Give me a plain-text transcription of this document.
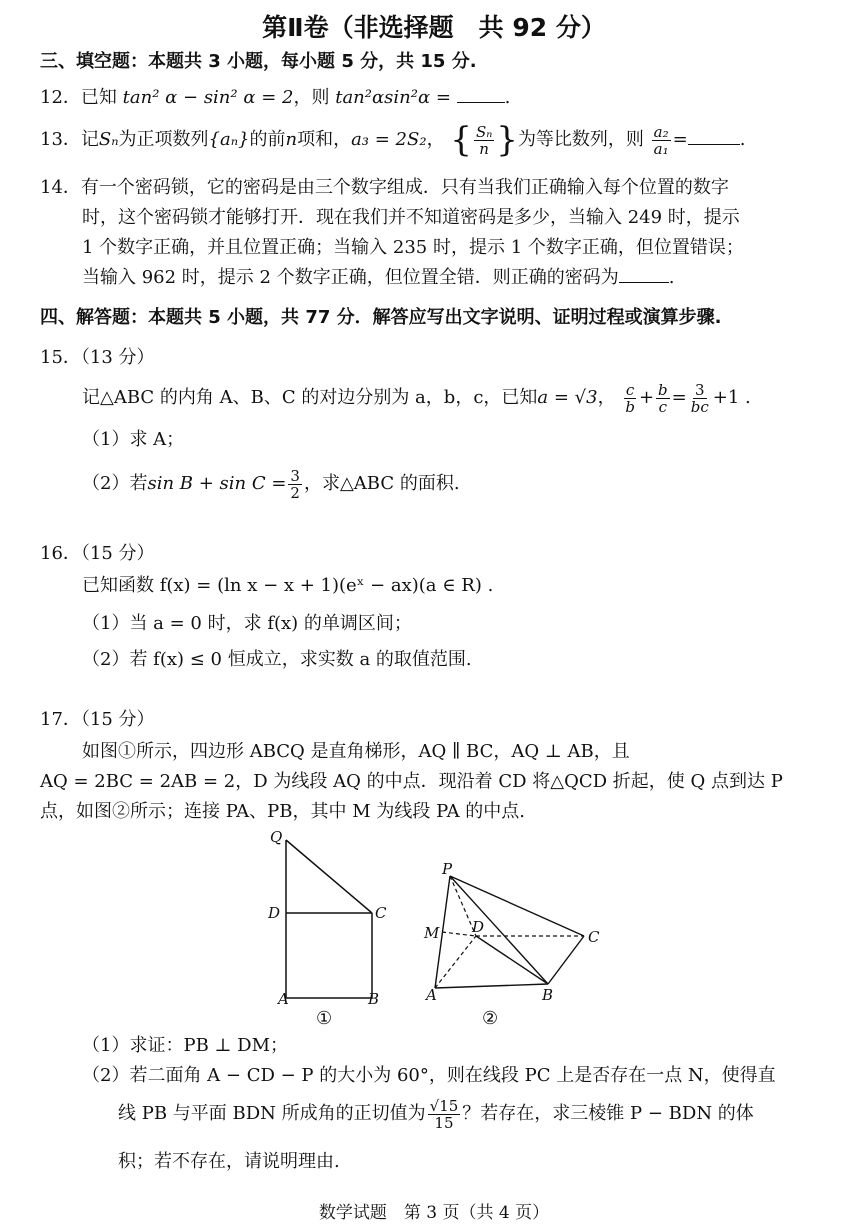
第Ⅱ卷（非选择题　共 92 分）
三、填空题：本题共 3 小题，每小题 5 分，共 15 分.
12．已知 tan² α − sin² α = 2，则 tan²αsin²α =	.
13．记Sₙ为正项数列{aₙ}的前n项和，a₃ = 2S₂， { $\frac{\text{Sₙ}}{n}$ }为等比数列，则 $\frac{\text{a₂}}{\text{a₁}}$ =	.
14．有一个密码锁，它的密码是由三个数字组成．只有当我们正确输入每个位置的数字
时，这个密码锁才能够打开．现在我们并不知道密码是多少，当输入 249 时，提示
1 个数字正确，并且位置正确；当输入 235 时，提示 1 个数字正确，但位置错误；
当输入 962 时，提示 2 个数字正确，但位置全错．则正确的密码为	.
四、解答题：本题共 5 小题，共 77 分．解答应写出文字说明、证明过程或演算步骤.
15．（13 分）
记△ABC 的内角 A、B、C 的对边分别为 a，b，c，已知a = √3， $\frac{c}{b} + \frac{b}{c} = \frac{3}{bc} +1$ .
（1）求 A；
（2）若$\sin B + \sin C = \frac{3}{2}$ ，求△ABC 的面积.
16．（15 分）
已知函数 f(x) = (ln x − x + 1)(eˣ − ax)(a ∈ R) .
（1）当 a = 0 时，求 f(x) 的单调区间；
（2）若 f(x) ≤ 0 恒成立，求实数 a 的取值范围.
17．（15 分）
如图①所示，四边形 ABCQ 是直角梯形，AQ ∥ BC，AQ ⊥ AB，且
AQ = 2BC = 2AB = 2，D 为线段 AQ 的中点．现沿着 CD 将△QCD 折起，使 Q 点到达 P
点，如图②所示；连接 PA、PB，其中 M 为线段 PA 的中点.
Q
D	C
A	B
①
P
M D
C
A	B
②
（1）求证：PB ⊥ DM；
（2）若二面角 A − CD − P 的大小为 60°，则在线段 PC 上是否存在一点 N，使得直
线 PB 与平面 BDN 所成角的正切值为 $\frac{√15}{15}$ ？若存在，求三棱锥 P − BDN 的体
积；若不存在，请说明理由.
数学试题　第 3 页（共 4 页）
